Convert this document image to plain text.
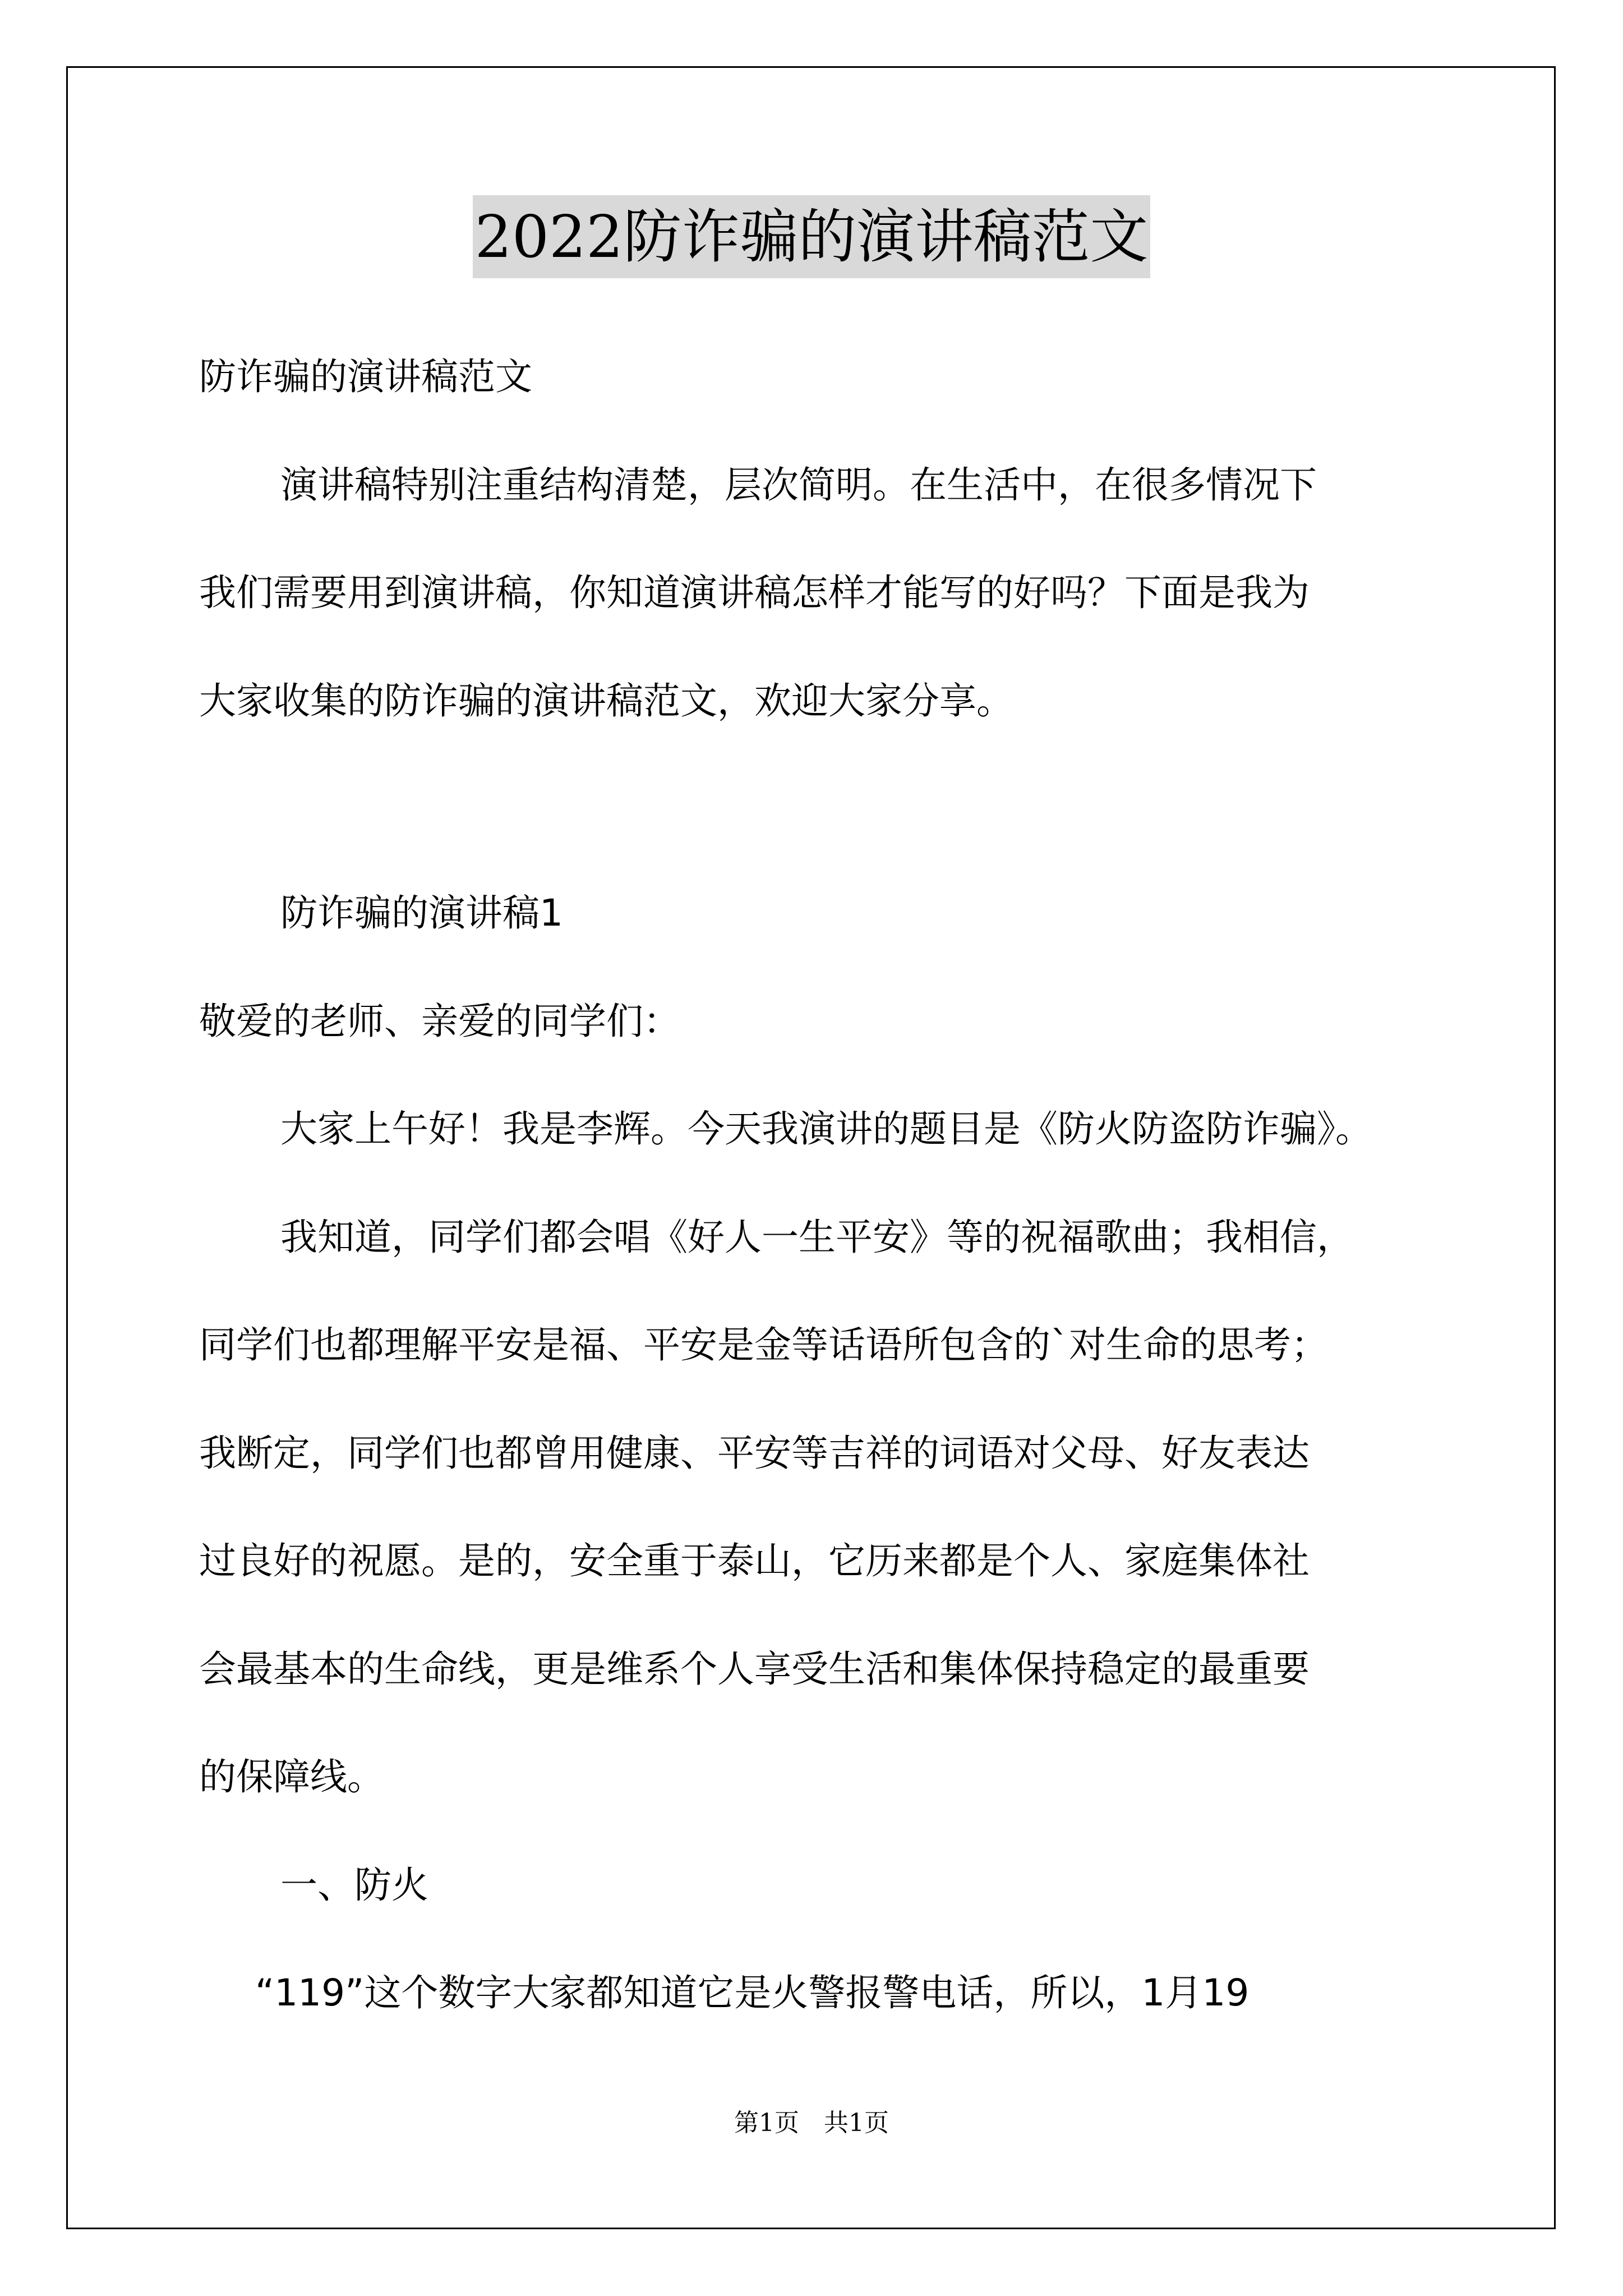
2022防诈骗的演讲稿范文
防诈骗的演讲稿范文
演讲稿特别注重结构清楚，层次简明。在生活中，在很多情况下
我们需要用到演讲稿，你知道演讲稿怎样才能写的好吗？下面是我为
大家收集的防诈骗的演讲稿范文，欢迎大家分享。
防诈骗的演讲稿1
敬爱的老师、亲爱的同学们：
大家上午好！我是李辉。今天我演讲的题目是《防火防盗防诈骗》。
我知道，同学们都会唱《好人一生平安》等的祝福歌曲；我相信，
同学们也都理解平安是福、平安是金等话语所包含的`对生命的思考；
我断定，同学们也都曾用健康、平安等吉祥的词语对父母、好友表达
过良好的祝愿。是的，安全重于泰山，它历来都是个人、家庭集体社
会最基本的生命线，更是维系个人享受生活和集体保持稳定的最重要
的保障线。
一、防火
“119”这个数字大家都知道它是火警报警电话，所以，1月19
第1页　共1页
